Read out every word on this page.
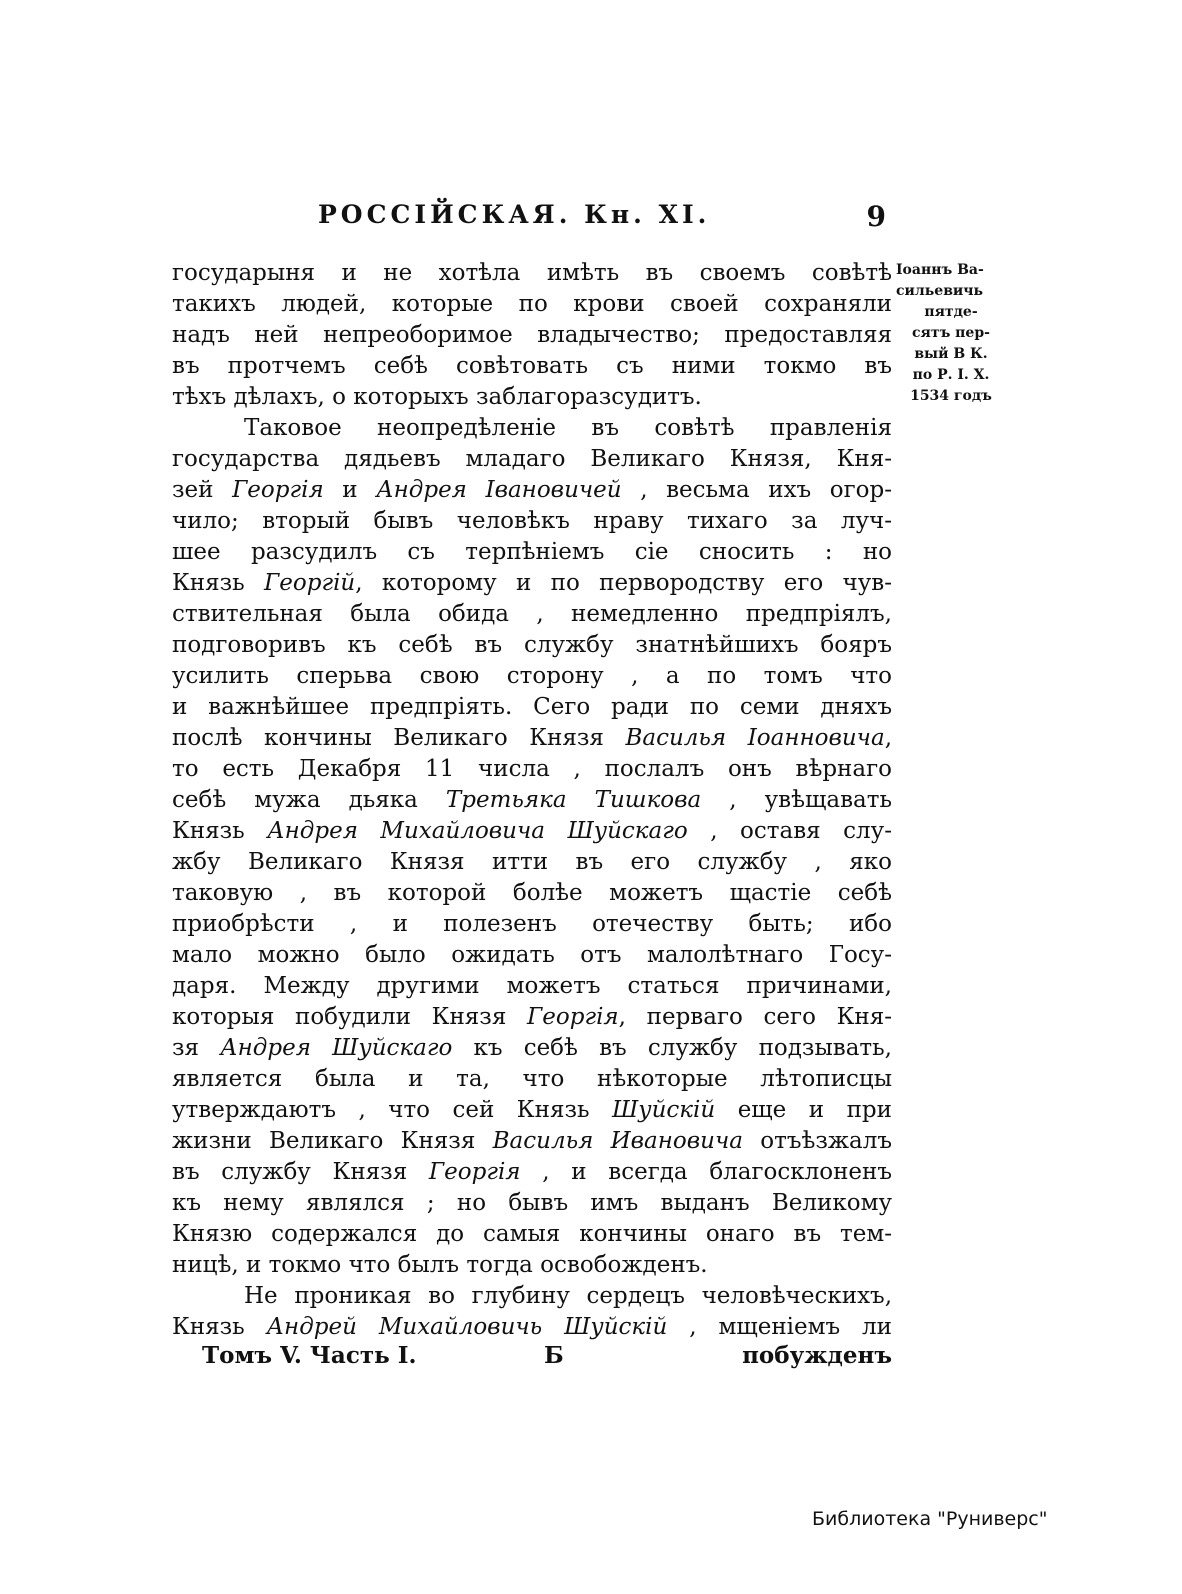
РОССІЙСКАЯ. Кн. XI.	9
государыня и не хотѣла имѣть въ своемъ совѣтѣ
такихъ людей, которые по крови своей сохраняли
надъ ней непреоборимое владычество; предоставляя
въ протчемъ себѣ совѣтовать съ ними токмо въ
тѣхъ дѣлахъ, о которыхъ заблагоразсудитъ.
Таковое неопредѣленіе въ совѣтѣ правленія
государства дядьевъ младаго Великаго Князя, Кня-
зей Георгія и Андрея Івановичей , весьма ихъ огор-
чило; вторый бывъ человѣкъ нраву тихаго за луч-
шее разсудилъ съ терпѣніемъ сіе сносить : но
Князь Георгій, которому и по первородству его чув-
ствительная была обида , немедленно предпріялъ,
подговоривъ къ себѣ въ службу знатнѣйшихъ бояръ
усилить сперьва свою сторону , а по томъ что
и важнѣйшее предпріять. Сего ради по семи дняхъ
послѣ кончины Великаго Князя Василья Іоанновича,
то есть Декабря 11 числа , послалъ онъ вѣрнаго
себѣ мужа дьяка Третьяка Тишкова , увѣщавать
Князь Андрея Михайловича Шуйскаго , оставя слу-
жбу Великаго Князя итти въ его службу , яко
таковую , въ которой болѣе можетъ щастіе себѣ
приобрѣсти , и полезенъ отечеству быть; ибо
мало можно было ожидать отъ малолѣтнаго Госу-
даря. Между другими можетъ статься причинами,
которыя побудили Князя Георгія, перваго сего Кня-
зя Андрея Шуйскаго къ себѣ въ службу подзывать,
является была и та, что нѣкоторые лѣтописцы
утверждаютъ , что сей Князь Шуйскій еще и при
жизни Великаго Князя Василья Ивановича отъѣзжалъ
въ службу Князя Георгія , и всегда благосклоненъ
къ нему являлся ; но бывъ имъ выданъ Великому
Князю содержался до самыя кончины онаго въ тем-
ницѣ, и токмо что былъ тогда освобожденъ.
Не проникая во глубину сердецъ человѣческихъ,
Князь Андрей Михайловичь Шуйскій , мщеніемъ ли
Іоаннъ Ва-
сильевичь
пятде-
сятъ пер-
вый В К.
по Р. І. Х.
1534 годъ
Томъ V. Часть I.	Б	побужденъ
Библиотека "Руниверс"
